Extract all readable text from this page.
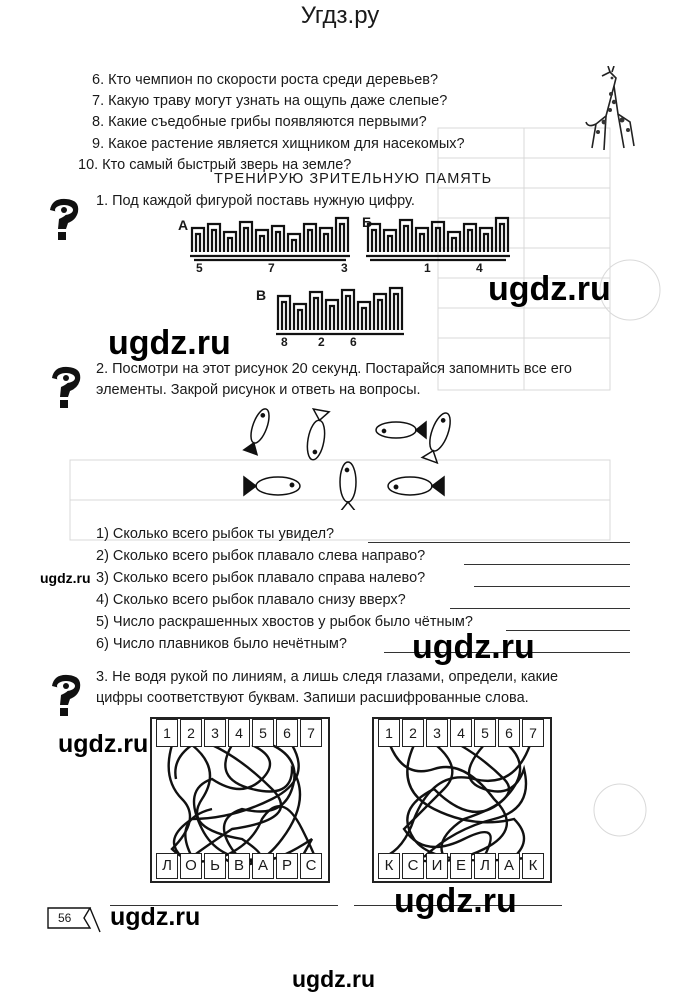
Угдз.ру
6. Кто чемпион по скорости роста среди деревьев?
7. Какую траву могут узнать на ощупь даже слепые?
8. Какие съедобные грибы появляются первыми?
9. Какое растение является хищником для насекомых?
10. Кто самый быстрый зверь на земле?
ТРЕНИРУЮ ЗРИТЕЛЬНУЮ ПАМЯТЬ
1. Под каждой фигурой поставь нужную цифру.
А	Б
В
5	7	3	1	4
8	2 6
2. Посмотри на этот рисунок 20 секунд. Постарайся запомнить все его
элементы. Закрой рисунок и ответь на вопросы.
1) Сколько всего рыбок ты увидел?
2) Сколько всего рыбок плавало слева направо?
3) Сколько всего рыбок плавало справа налево?
4) Сколько всего рыбок плавало снизу вверх?
5) Число раскрашенных хвостов у рыбок было чётным?
6) Число плавников было нечётным?
3. Не водя рукой по линиям, а лишь следя глазами, определи, какие
цифры соответствуют буквам. Запиши расшифрованные слова.
1	2	3	4	5	6	7
Л О Ь В А Р С
1	2	3	4	5	6	7
К С И Е Л А К
56
ugdz.ru
ugdz.ru
ugdz.ru
ugdz.ru
ugdz.ru
ugdz.ru	ugdz.ru
ugdz.ru
